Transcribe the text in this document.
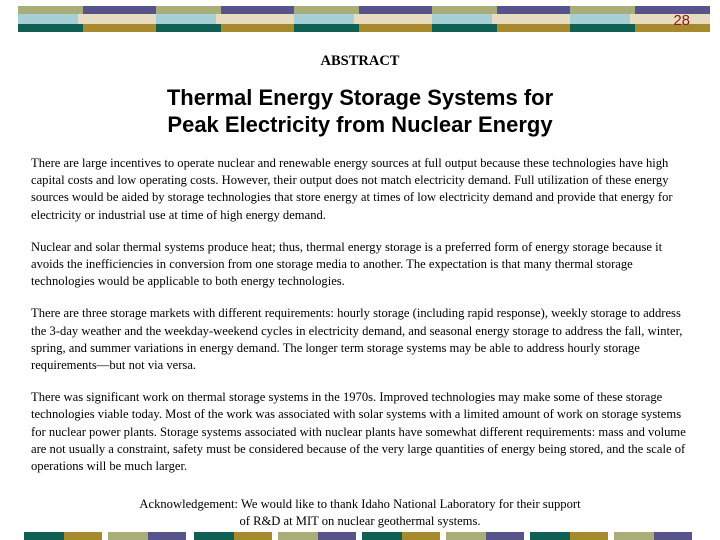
28
ABSTRACT
Thermal Energy Storage Systems for
Peak Electricity from Nuclear Energy

There are large incentives to operate nuclear and renewable energy sources at full output because these technologies have high capital costs and low operating costs. However, their output does not match electricity demand. Full utilization of these energy sources would be aided by storage technologies that store energy at times of low electricity demand and provide that energy for electricity or industrial use at time of high energy demand.

Nuclear and solar thermal systems produce heat; thus, thermal energy storage is a preferred form of energy storage because it avoids the inefficiencies in conversion from one storage media to another. The expectation is that many thermal storage technologies would be applicable to both energy technologies.

There are three storage markets with different requirements: hourly storage (including rapid response), weekly storage to address the 3-day weather and the weekday-weekend cycles in electricity demand, and seasonal energy storage to address the fall, winter, spring, and summer variations in energy demand. The longer term storage systems may be able to address hourly storage requirements—but not via versa.

There was significant work on thermal storage systems in the 1970s. Improved technologies may make some of these storage technologies viable today. Most of the work was associated with solar systems with a limited amount of work on storage systems for nuclear power plants. Storage systems associated with nuclear plants have somewhat different requirements: mass and volume are not usually a constraint, safety must be considered because of the very large quantities of energy being stored, and the scale of operations will be much larger.

Acknowledgement: We would like to thank Idaho National Laboratory for their support
of R&D at MIT on nuclear geothermal systems.
